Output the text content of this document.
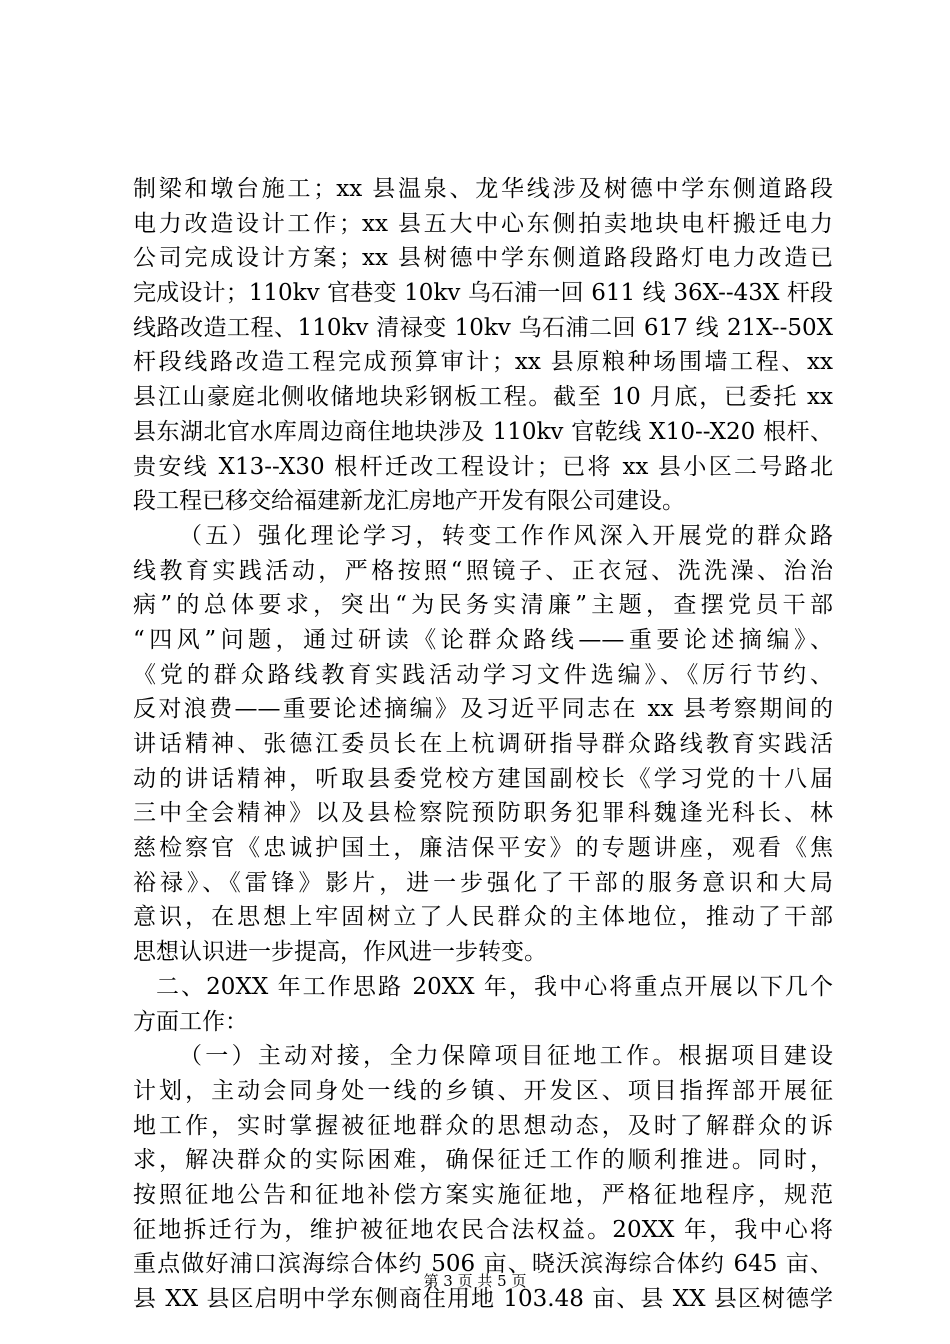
制梁和墩台施工；xx 县温泉、龙华线涉及树德中学东侧道路段
电力改造设计工作；xx 县五大中心东侧拍卖地块电杆搬迁电力
公司完成设计方案；xx 县树德中学东侧道路段路灯电力改造已
完成设计；110kv 官巷变 10kv 乌石浦一回 611 线 36X--43X 杆段
线路改造工程、110kv 清禄变 10kv 乌石浦二回 617 线 21X--50X
杆段线路改造工程完成预算审计；xx 县原粮种场围墙工程、xx
县江山豪庭北侧收储地块彩钢板工程。截至 10 月底，已委托 xx
县东湖北官水库周边商住地块涉及 110kv 官乾线 X10--X20 根杆、
贵安线 X13--X30 根杆迁改工程设计；已将 xx 县小区二号路北
段工程已移交给福建新龙汇房地产开发有限公司建设。
（五）强化理论学习，转变工作作风深入开展党的群众路
线教育实践活动，严格按照“照镜子、正衣冠、洗洗澡、治治
病”的总体要求，突出“为民务实清廉”主题，查摆党员干部
“四风”问题，通过研读《论群众路线——重要论述摘编》、
《党的群众路线教育实践活动学习文件选编》、《厉行节约、
反对浪费——重要论述摘编》及习近平同志在 xx 县考察期间的
讲话精神、张德江委员长在上杭调研指导群众路线教育实践活
动的讲话精神，听取县委党校方建国副校长《学习党的十八届
三中全会精神》以及县检察院预防职务犯罪科魏逢光科长、林
慈检察官《忠诚护国土，廉洁保平安》的专题讲座，观看《焦
裕禄》、《雷锋》影片，进一步强化了干部的服务意识和大局
意识，在思想上牢固树立了人民群众的主体地位，推动了干部
思想认识进一步提高，作风进一步转变。
二、20XX 年工作思路 20XX 年，我中心将重点开展以下几个
方面工作：
（一）主动对接，全力保障项目征地工作。根据项目建设
计划，主动会同身处一线的乡镇、开发区、项目指挥部开展征
地工作，实时掌握被征地群众的思想动态，及时了解群众的诉
求，解决群众的实际困难，确保征迁工作的顺利推进。同时，
按照征地公告和征地补偿方案实施征地，严格征地程序，规范
征地拆迁行为，维护被征地农民合法权益。20XX 年，我中心将
重点做好浦口滨海综合体约 506 亩、晓沃滨海综合体约 645 亩、
县 XX 县区启明中学东侧商住用地 103.48 亩、县 XX 县区树德学
第 3 页 共 5 页
